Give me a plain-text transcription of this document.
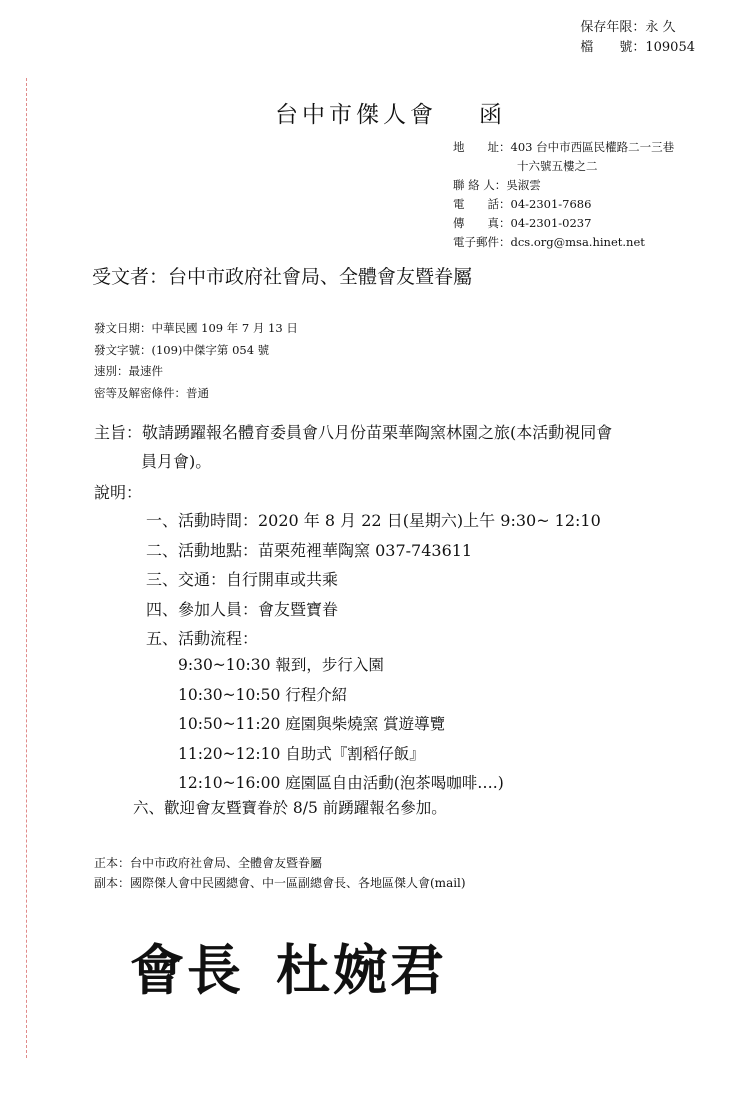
保存年限：永 久
檔　　號：109054
台中市傑人會 函
地　　址：403 台中市西區民權路二一三巷
十六號五樓之二
聯 絡 人：吳淑雲
電　　話：04-2301-7686
傳　　真：04-2301-0237
電子郵件：dcs.org@msa.hinet.net
受文者：台中市政府社會局、全體會友暨眷屬
發文日期：中華民國 109 年 7 月 13 日
發文字號：(109)中傑字第 054 號
速別：最速件
密等及解密條件：普通
主旨：敬請踴躍報名體育委員會八月份苗栗華陶窯林園之旅(本活動視同會
員月會)。
說明：
一、活動時間：2020 年 8 月 22 日(星期六)上午 9:30~ 12:10
二、活動地點：苗栗苑裡華陶窯 037-743611
三、交通：自行開車或共乘
四、參加人員：會友暨寶眷
五、活動流程：
9:30~10:30 報到，步行入園
10:30~10:50 行程介紹
10:50~11:20 庭園與柴燒窯 賞遊導覽
11:20~12:10 自助式『割稻仔飯』
12:10~16:00 庭園區自由活動(泡茶喝咖啡….)
六、歡迎會友暨寶眷於 8/5 前踴躍報名參加。
正本：台中市政府社會局、全體會友暨眷屬
副本：國際傑人會中民國總會、中一區副總會長、各地區傑人會(mail)
會長 杜婉君
